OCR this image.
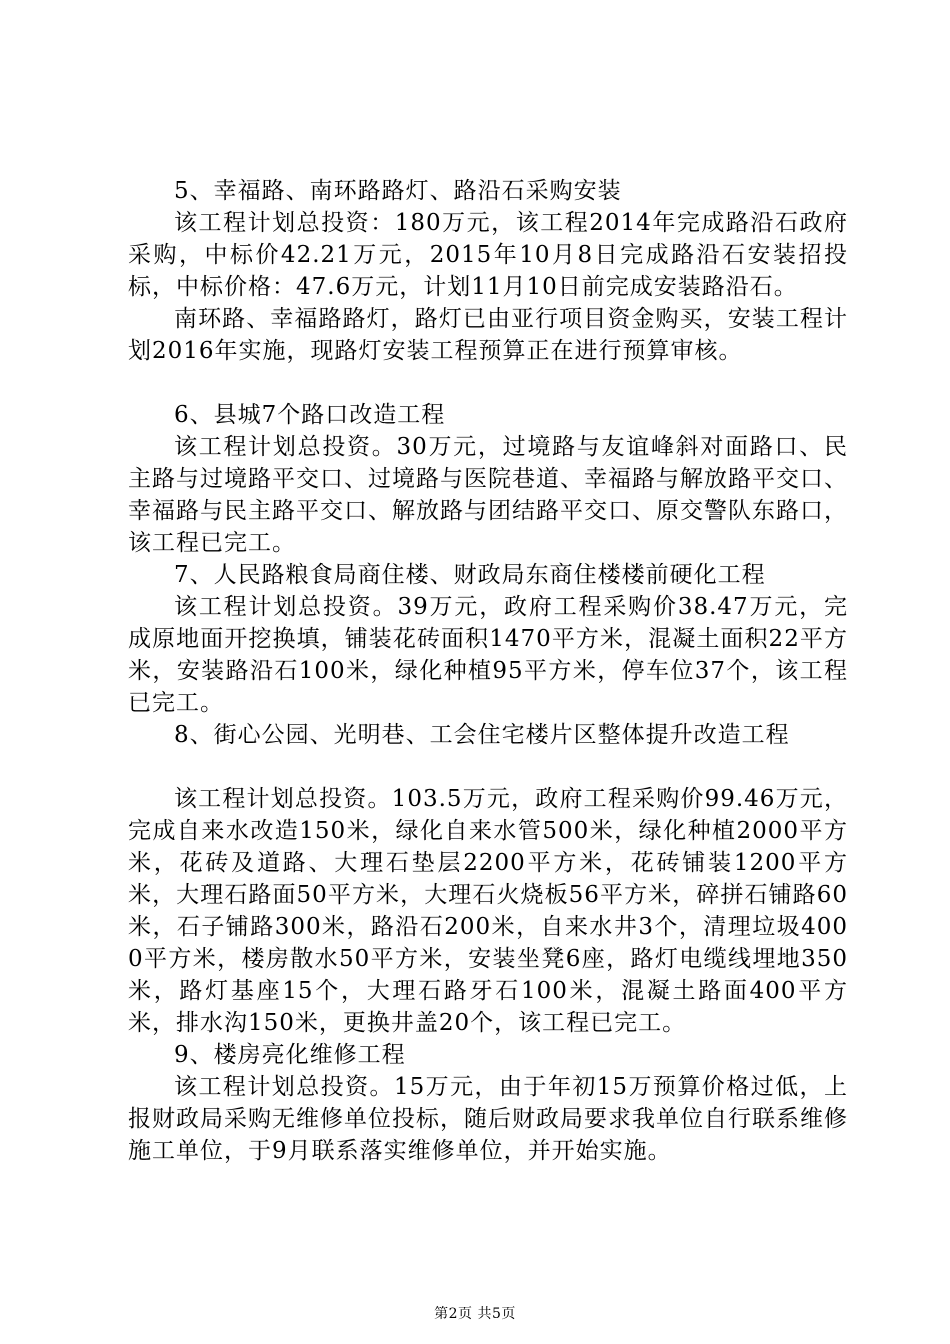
5、幸福路、南环路路灯、路沿石采购安装

该工程计划总投资：180万元，该工程2014年完成路沿石政府采购，中标价42.21万元，2015年10月8日完成路沿石安装招投标，中标价格：47.6万元，计划11月10日前完成安装路沿石。

南环路、幸福路路灯，路灯已由亚行项目资金购买，安装工程计划2016年实施，现路灯安装工程预算正在进行预算审核。

6、县城7个路口改造工程

该工程计划总投资。30万元，过境路与友谊峰斜对面路口、民主路与过境路平交口、过境路与医院巷道、幸福路与解放路平交口、幸福路与民主路平交口、解放路与团结路平交口、原交警队东路口，该工程已完工。

7、人民路粮食局商住楼、财政局东商住楼楼前硬化工程

该工程计划总投资。39万元，政府工程采购价38.47万元，完成原地面开挖换填，铺装花砖面积1470平方米，混凝土面积22平方米，安装路沿石100米，绿化种植95平方米，停车位37个，该工程已完工。

8、街心公园、光明巷、工会住宅楼片区整体提升改造工程

该工程计划总投资。103.5万元，政府工程采购价99.46万元，完成自来水改造150米，绿化自来水管500米，绿化种植2000平方米，花砖及道路、大理石垫层2200平方米，花砖铺装1200平方米，大理石路面50平方米，大理石火烧板56平方米，碎拼石铺路60米，石子铺路300米，路沿石200米，自来水井3个，清理垃圾4000平方米，楼房散水50平方米，安装坐凳6座，路灯电缆线埋地350米，路灯基座15个，大理石路牙石100米，混凝土路面400平方米，排水沟150米，更换井盖20个，该工程已完工。

9、楼房亮化维修工程

该工程计划总投资。15万元，由于年初15万预算价格过低，上报财政局采购无维修单位投标，随后财政局要求我单位自行联系维修施工单位，于9月联系落实维修单位，并开始实施。

第2页 共5页
